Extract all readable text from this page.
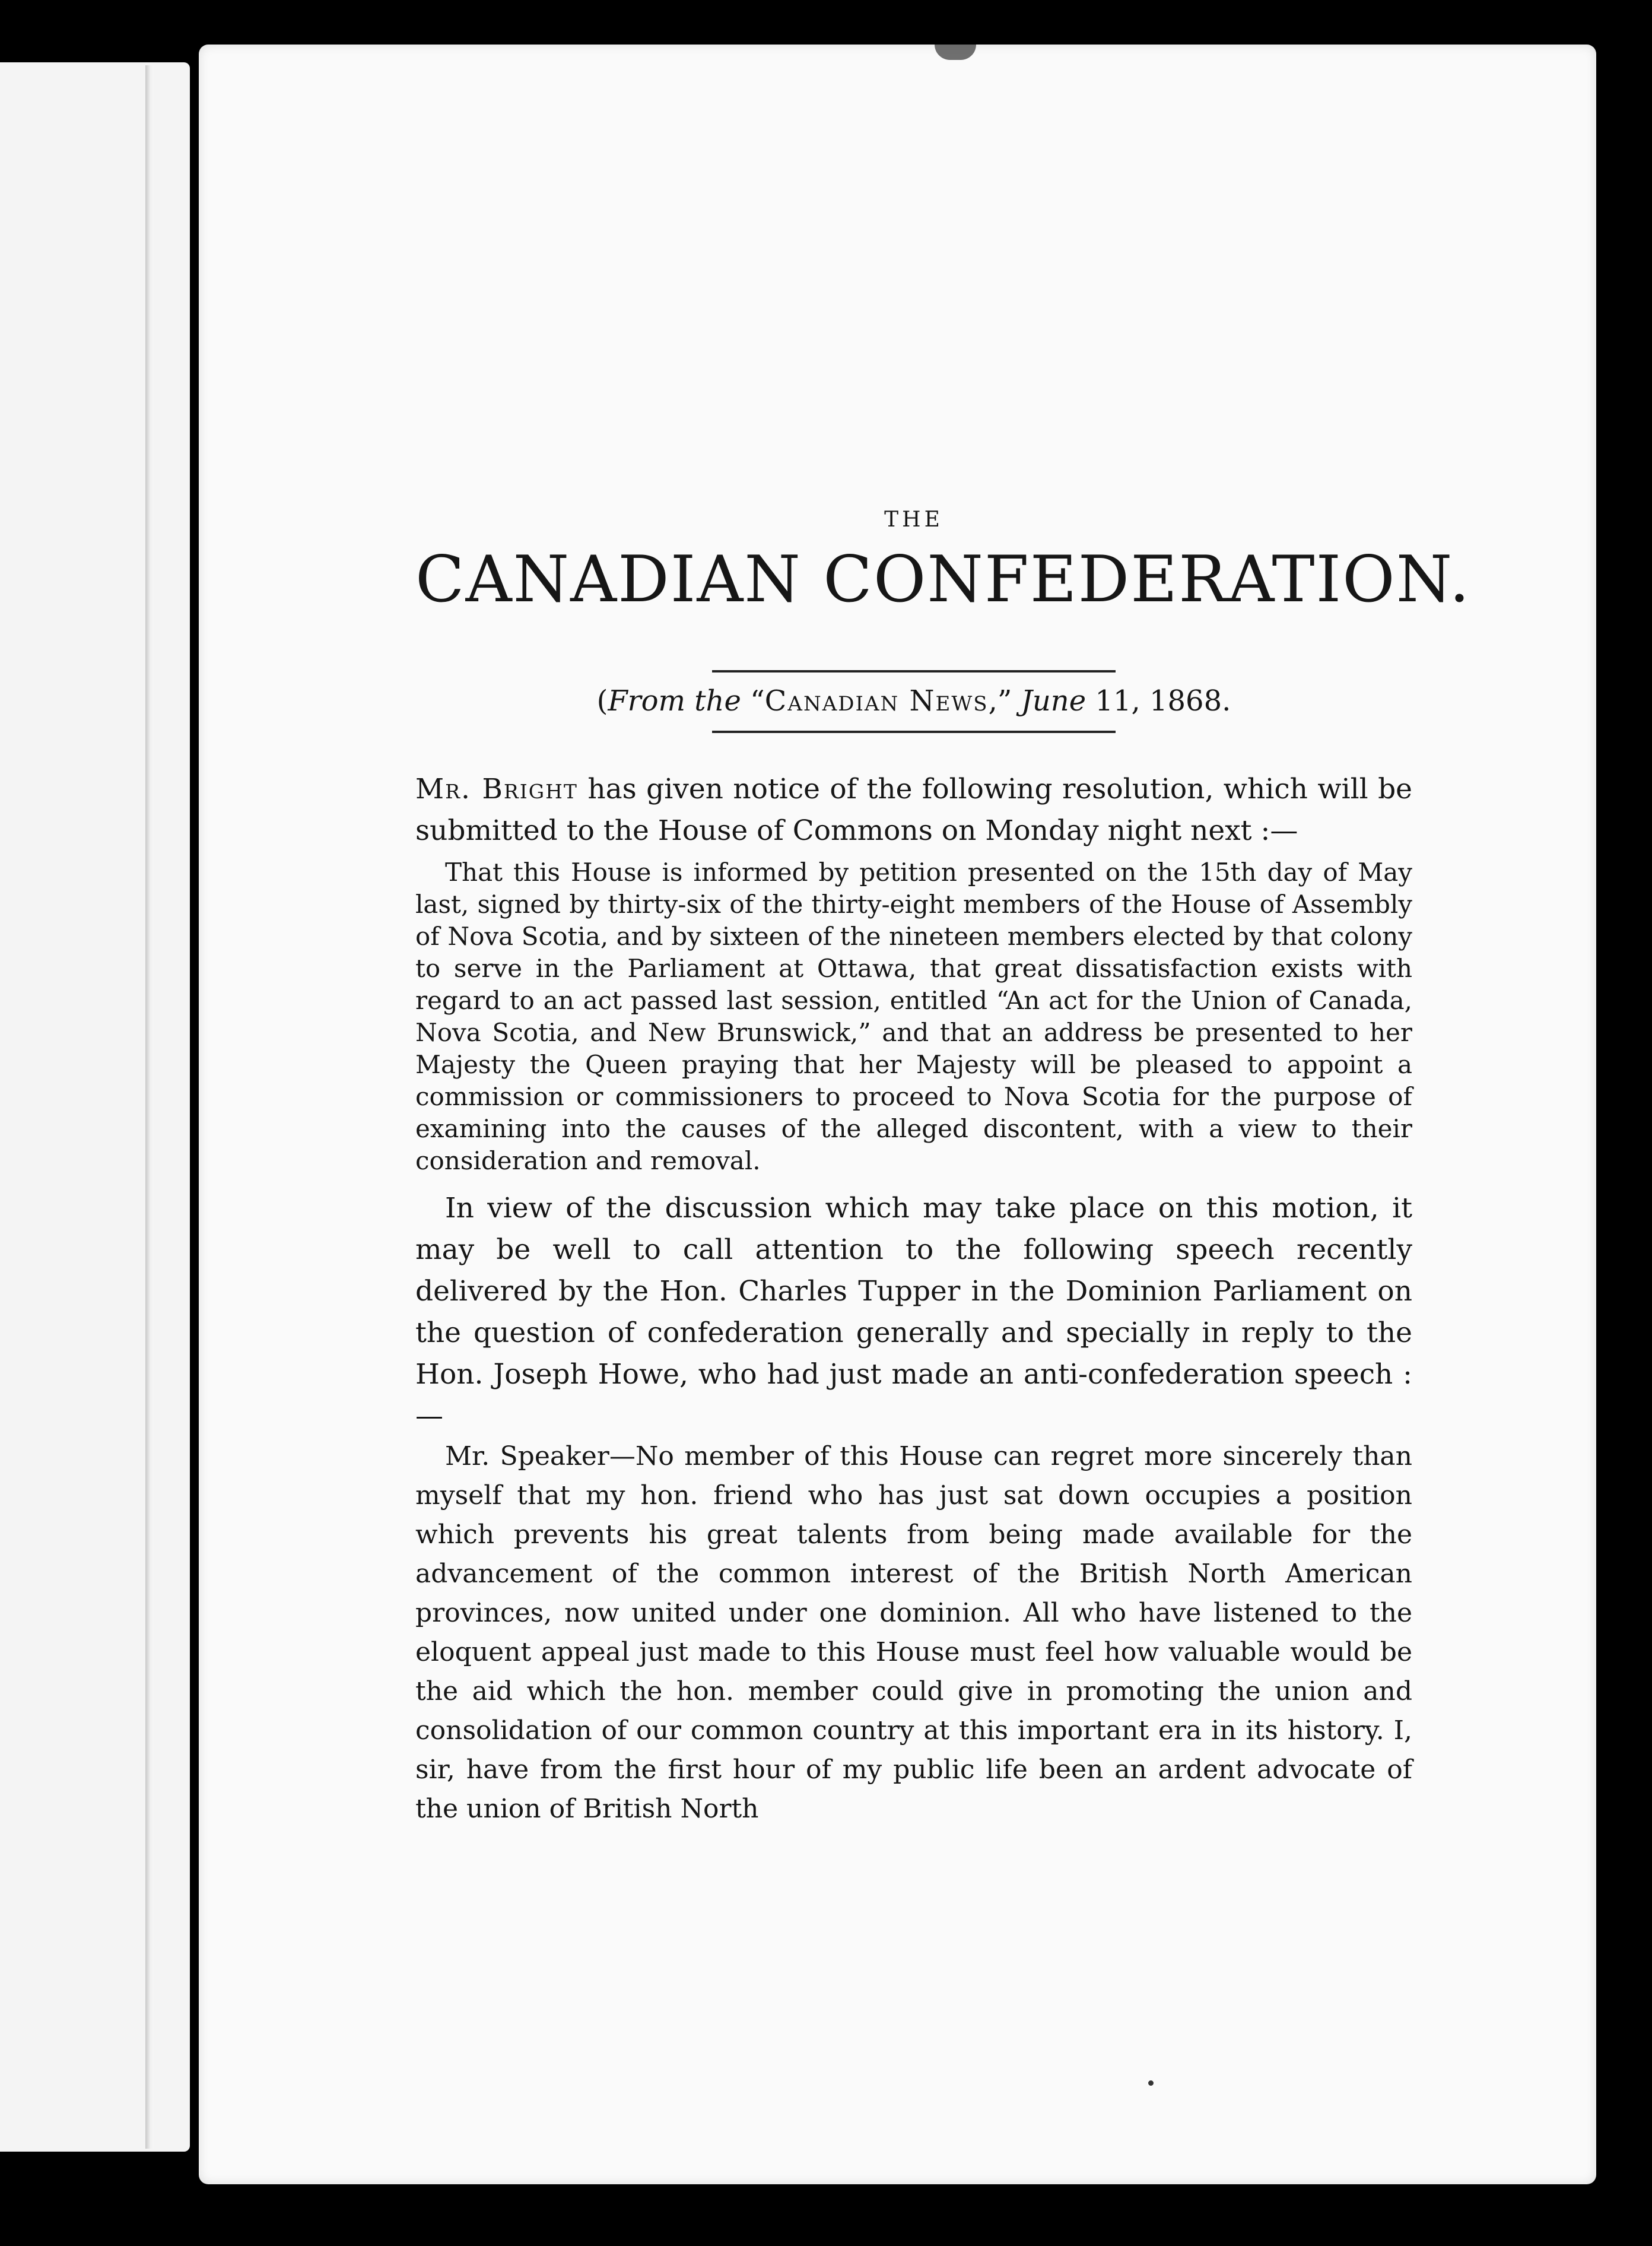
THE
CANADIAN CONFEDERATION.
(From the “Canadian News,” June 11, 1868.

Mr. Bright has given notice of the following resolution, which will be submitted to the House of Commons on Monday night next :—

That this House is informed by petition presented on the 15th day of May last, signed by thirty-six of the thirty-eight members of the House of Assembly of Nova Scotia, and by sixteen of the nineteen members elected by that colony to serve in the Parliament at Ottawa, that great dissatisfaction exists with regard to an act passed last session, entitled “An act for the Union of Canada, Nova Scotia, and New Brunswick,” and that an address be presented to her Majesty the Queen praying that her Majesty will be pleased to appoint a commission or commissioners to proceed to Nova Scotia for the purpose of examining into the causes of the alleged discontent, with a view to their consideration and removal.

In view of the discussion which may take place on this motion, it may be well to call attention to the following speech recently delivered by the Hon. Charles Tupper in the Dominion Parliament on the question of confederation generally and specially in reply to the Hon. Joseph Howe, who had just made an anti-confederation speech :—

Mr. Speaker—No member of this House can regret more sincerely than myself that my hon. friend who has just sat down occupies a position which prevents his great talents from being made available for the advancement of the common interest of the British North American provinces, now united under one dominion. All who have listened to the eloquent appeal just made to this House must feel how valuable would be the aid which the hon. member could give in promoting the union and consolidation of our common country at this important era in its history. I, sir, have from the first hour of my public life been an ardent advocate of the union of British North
